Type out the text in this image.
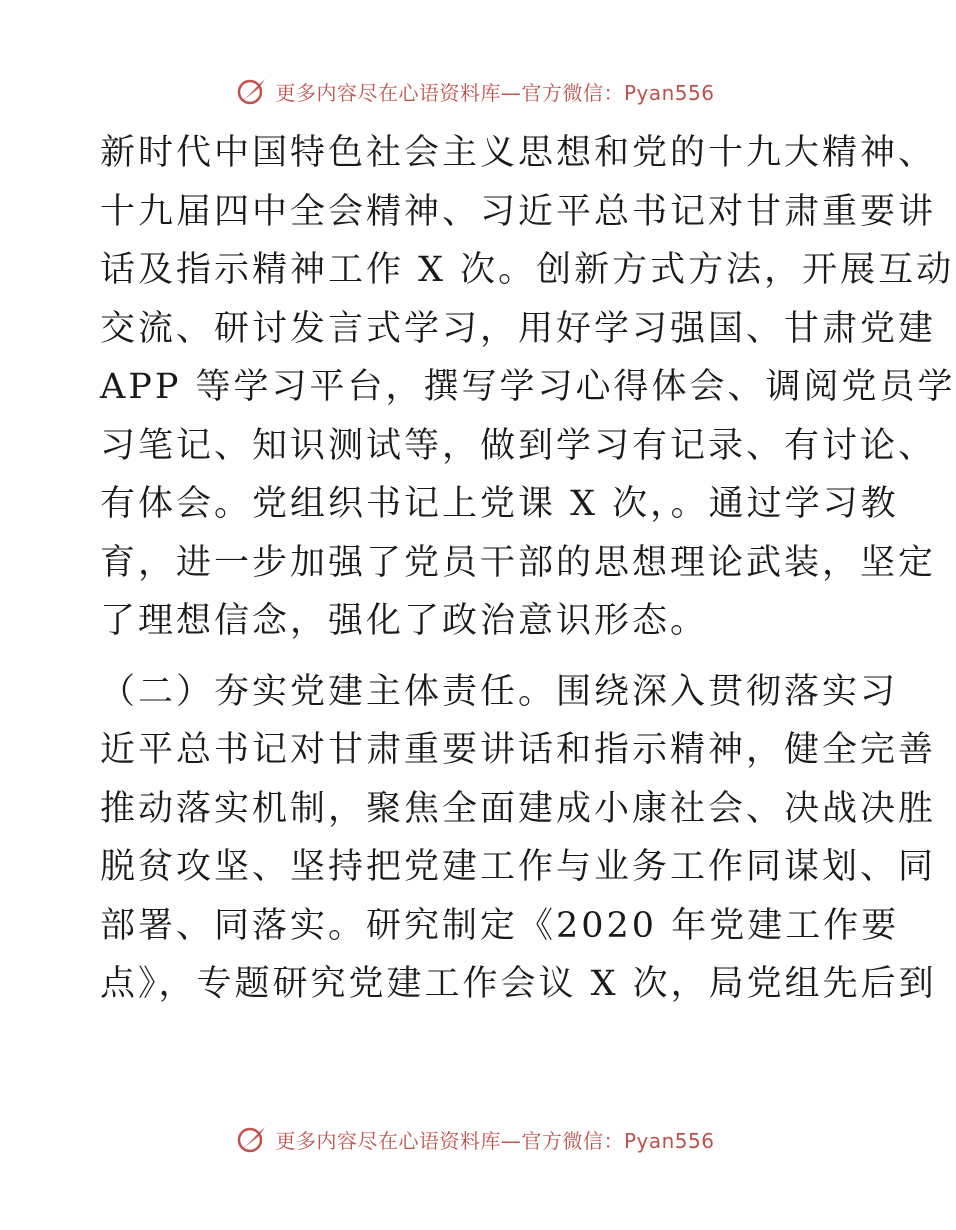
更多内容尽在心语资料库—官方微信：Pyan556
新时代中国特色社会主义思想和党的十九大精神、
十九届四中全会精神、习近平总书记对甘肃重要讲
话及指示精神工作 X 次。创新方式方法，开展互动
交流、研讨发言式学习，用好学习强国、甘肃党建
APP 等学习平台，撰写学习心得体会、调阅党员学
习笔记、知识测试等，做到学习有记录、有讨论、
有体会。党组织书记上党课 X 次，。通过学习教
育，进一步加强了党员干部的思想理论武装，坚定
了理想信念，强化了政治意识形态。
（二）夯实党建主体责任。围绕深入贯彻落实习
近平总书记对甘肃重要讲话和指示精神，健全完善
推动落实机制，聚焦全面建成小康社会、决战决胜
脱贫攻坚、坚持把党建工作与业务工作同谋划、同
部署、同落实。研究制定《2020 年党建工作要
点》，专题研究党建工作会议 X 次，局党组先后到
更多内容尽在心语资料库—官方微信：Pyan556
